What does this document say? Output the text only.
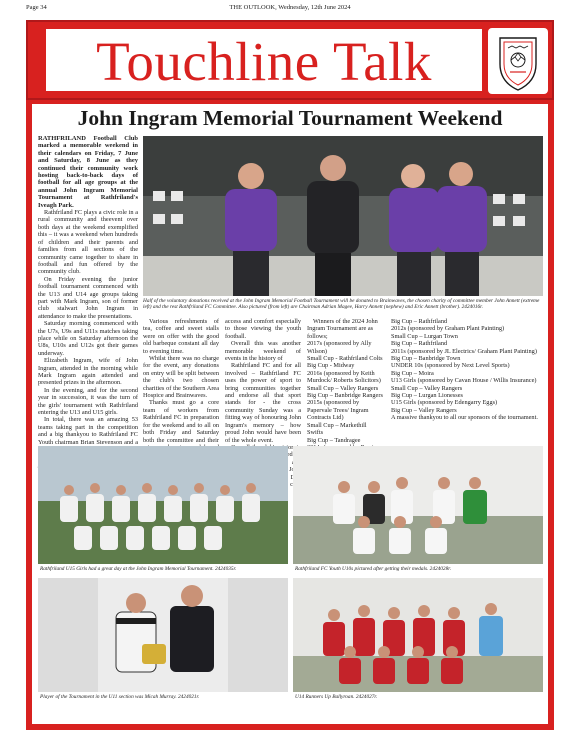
Page 34	THE OUTLOOK, Wednesday, 12th June 2024
Touchline Talk
John Ingram Memorial Tournament Weekend

RATHFRILAND Football Club marked a memorable weekend in their calendars on Friday, 7 June and Saturday, 8 June as they continued their community work hosting back-to-back days of football for all age groups at the annual John Ingram Memorial Tournament at Rathfriland's Iveagh Park.

Rathfriland FC plays a civic role in a rural community and theevent over both days at the weekend exemplified this – it was a weekend when hundreds of children and their parents and families from all sections of the community came together to share in football and fun offered by the community club.

On Friday evening the junior football tournament commenced with the U13 and U14 age groups taking part with Mark Ingram, son of former club stalwart John Ingram in attendance to make the presentations.

Saturday morning commenced with the U7s, U9s and U11s matches taking place while on Saturday afternoon the U8s, U10s and U12s got their games underway.

Elizabeth Ingram, wife of John Ingram, attended in the morning while Mark Ingram again attended and presented prizes in the afternoon.

In the evening, and for the second year in succession, it was the turn of the girls' tournament with Rathfriland entering the U13 and U15 girls.

In total, there was an amazing 53 teams taking part in the competition and a big thankyou to Rathfriland FC Youth chairman Brian Stevenson and a

Half of the voluntary donations received at the John Ingram Memorial Football Tournament will be donated to Brainwaves, the chosen charity of committee member John Annett (extreme left) and the rest Rathfriland FC Committee. Also pictured (from left) are Chairman Adrian Magee, Harry Annett (nephew) and Eric Annett (brother). 2424016r.

Various refreshments of tea, coffee and sweet stalls were on offer with the good old barbeque constant all day to evening time.

Whilst there was no charge for the event, any donations on entry will be split between the club's two chosen charities of the Southern Area Hospice and Brainwaves.

Thanks must go a core team of workers from Rathfriland FC in preparation for the weekend and to all on both Friday and Saturday both the committee and their

access and comfort especially to those viewing the youth football.

Overall this was another memorable weekend of events in the history of

Rathfriland FC and for all involved – Rathfriland FC uses the power of sport to bring communities together and endorse all that sport stands for - the cross community Sunday was a fitting way of honouring John Ingram's memory – how proud John would have been of the whole event.

Winners of the 2024 John Ingram Tournament are as follows;

2017s (sponsored by Ally Wilson)
Small Cup - Rathfriland Colts
Big Cup - Midway
2016s (sponsored by Keith Murdock/ Roberts Solicitors)
Small Cup – Valley Rangers
Big Cup – Banbridge Rangers
2015s (sponsored by Papervale Trees/ Ingram Contracts Ltd)
Small Cup – Markethill Swifts
Big Cup – Tandragee
Big Cup – Rathfriland
2012s (sponsored by Graham Plant Painting)
Small Cup – Lurgan Town
Big Cup – Rathfriland
2011s (sponsored by JL Electrics/ Graham Plant Painting)
Big Cup – Banbridge Town
UNDER 10s (sponsored by Next Level Sports)
Big Cup – Moira
U13 Girls (sponsored by Cavan House / Willis Insurance)
Small Cup – Valley Rangers
Big Cup – Lurgan Lionesses
U15 Girls (sponsored by Edengarry Eggs)
Big Cup – Valley Rangers
A massive thankyou to all our sponsors of the tournament.
Rathfriland U15 Girls had a great day at the John Ingram Memorial Tournament. 2424035r.	Rathfriland FC Youth U10s pictured after getting their medals. 2424028r.
Player of the Tournament in the U11 section was Micah Murray. 2424021r.	U14 Runners Up Ballyroan. 2424027r.
